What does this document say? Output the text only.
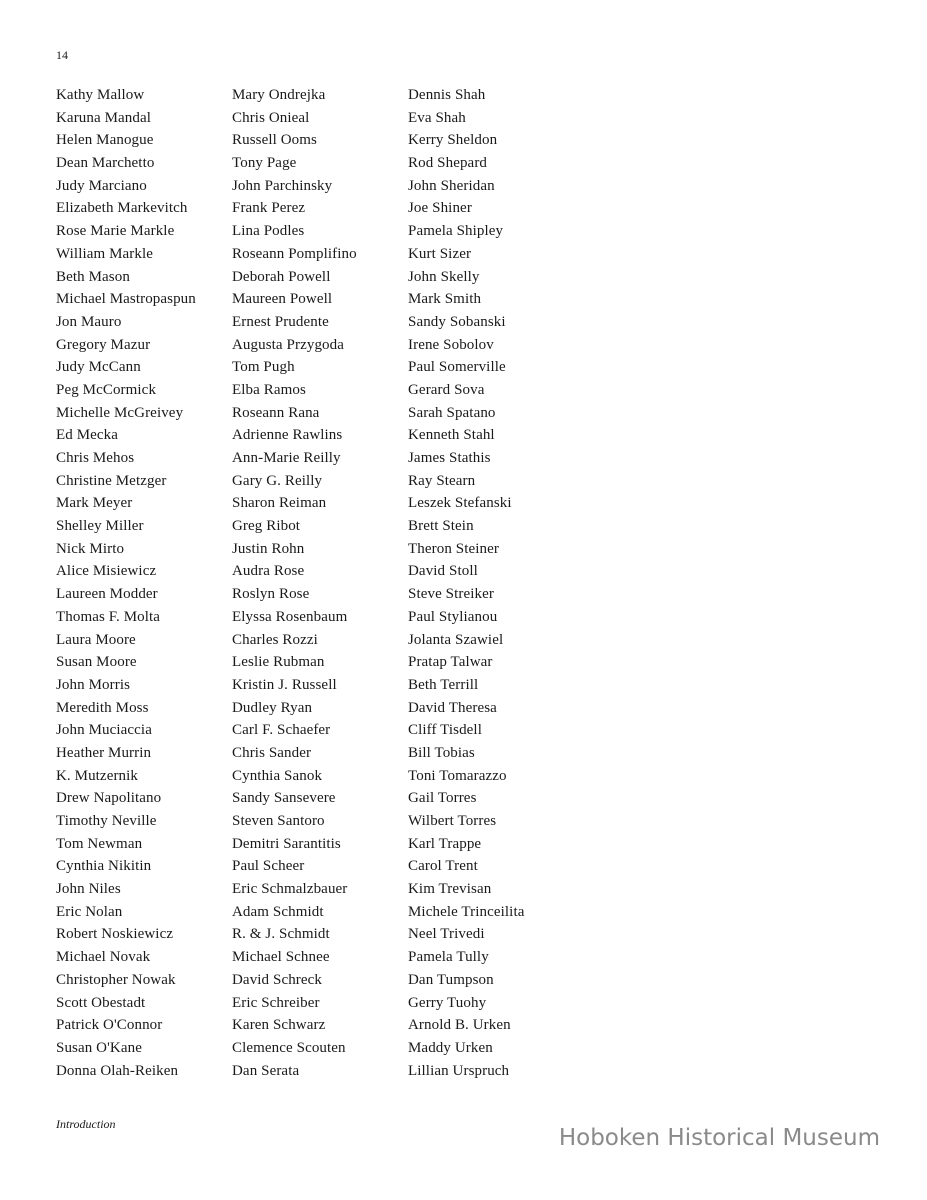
14
Kathy Mallow
Karuna Mandal
Helen Manogue
Dean Marchetto
Judy Marciano
Elizabeth Markevitch
Rose Marie Markle
William Markle
Beth Mason
Michael Mastropaspun
Jon Mauro
Gregory Mazur
Judy McCann
Peg McCormick
Michelle McGreivey
Ed Mecka
Chris Mehos
Christine Metzger
Mark Meyer
Shelley Miller
Nick Mirto
Alice Misiewicz
Laureen Modder
Thomas F. Molta
Laura Moore
Susan Moore
John Morris
Meredith Moss
John Muciaccia
Heather Murrin
K. Mutzernik
Drew Napolitano
Timothy Neville
Tom Newman
Cynthia Nikitin
John Niles
Eric Nolan
Robert Noskiewicz
Michael Novak
Christopher Nowak
Scott Obestadt
Patrick O'Connor
Susan O'Kane
Donna Olah-Reiken
Mary Ondrejka
Chris Onieal
Russell Ooms
Tony Page
John Parchinsky
Frank Perez
Lina Podles
Roseann Pomplifino
Deborah Powell
Maureen Powell
Ernest Prudente
Augusta Przygoda
Tom Pugh
Elba Ramos
Roseann Rana
Adrienne Rawlins
Ann-Marie Reilly
Gary G. Reilly
Sharon Reiman
Greg Ribot
Justin Rohn
Audra Rose
Roslyn Rose
Elyssa Rosenbaum
Charles Rozzi
Leslie Rubman
Kristin J. Russell
Dudley Ryan
Carl F. Schaefer
Chris Sander
Cynthia Sanok
Sandy Sansevere
Steven Santoro
Demitri Sarantitis
Paul Scheer
Eric Schmalzbauer
Adam Schmidt
R. & J. Schmidt
Michael Schnee
David Schreck
Eric Schreiber
Karen Schwarz
Clemence Scouten
Dan Serata
Dennis Shah
Eva Shah
Kerry Sheldon
Rod Shepard
John Sheridan
Joe Shiner
Pamela Shipley
Kurt Sizer
John Skelly
Mark Smith
Sandy Sobanski
Irene Sobolov
Paul Somerville
Gerard Sova
Sarah Spatano
Kenneth Stahl
James Stathis
Ray Stearn
Leszek Stefanski
Brett Stein
Theron Steiner
David Stoll
Steve Streiker
Paul Stylianou
Jolanta Szawiel
Pratap Talwar
Beth Terrill
David Theresa
Cliff Tisdell
Bill Tobias
Toni Tomarazzo
Gail Torres
Wilbert Torres
Karl Trappe
Carol Trent
Kim Trevisan
Michele Trinceilita
Neel Trivedi
Pamela Tully
Dan Tumpson
Gerry Tuohy
Arnold B. Urken
Maddy Urken
Lillian Urspruch
Introduction
Hoboken Historical Museum
